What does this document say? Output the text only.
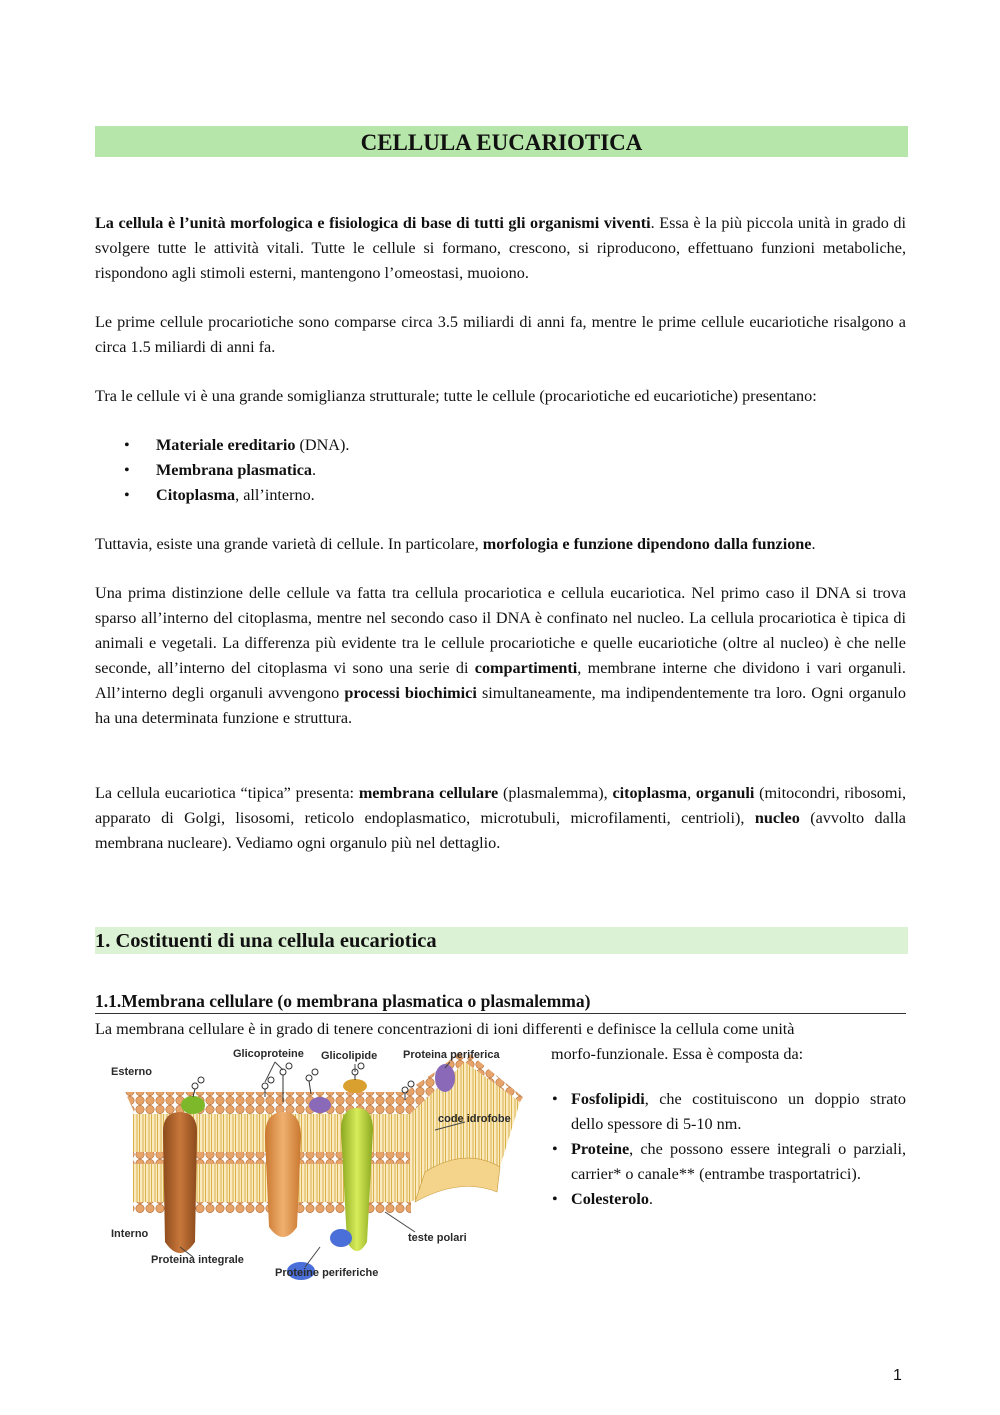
CELLULA EUCARIOTICA

La cellula è l’unità morfologica e fisiologica di base di tutti gli organismi viventi. Essa è la più piccola unità in grado di svolgere tutte le attività vitali. Tutte le cellule si formano, crescono, si riproducono, effettuano funzioni metaboliche, rispondono agli stimoli esterni, mantengono l’omeostasi, muoiono.

Le prime cellule procariotiche sono comparse circa 3.5 miliardi di anni fa, mentre le prime cellule eucariotiche risalgono a circa 1.5 miliardi di anni fa.

Tra le cellule vi è una grande somiglianza strutturale; tutte le cellule (procariotiche ed eucariotiche) presentano:

• Materiale ereditario (DNA).
• Membrana plasmatica.
• Citoplasma, all’interno.

Tuttavia, esiste una grande varietà di cellule. In particolare, morfologia e funzione dipendono dalla funzione.

Una prima distinzione delle cellule va fatta tra cellula procariotica e cellula eucariotica. Nel primo caso il DNA si trova sparso all’interno del citoplasma, mentre nel secondo caso il DNA è confinato nel nucleo. La cellula procariotica è tipica di animali e vegetali. La differenza più evidente tra le cellule procariotiche e quelle eucariotiche (oltre al nucleo) è che nelle seconde, all’interno del citoplasma vi sono una serie di compartimenti, membrane interne che dividono i vari organuli. All’interno degli organuli avvengono processi biochimici simultaneamente, ma indipendentemente tra loro. Ogni organulo ha una determinata funzione e struttura.

La cellula eucariotica “tipica” presenta: membrana cellulare (plasmalemma), citoplasma, organuli (mitocondri, ribosomi, apparato di Golgi, lisosomi, reticolo endoplasmatico, microtubuli, microfilamenti, centrioli), nucleo (avvolto dalla membrana nucleare). Vediamo ogni organulo più nel dettaglio.

1. Costituenti di una cellula eucariotica
1.1.Membrana cellulare (o membrana plasmatica o plasmalemma)

La membrana cellulare è in grado di tenere concentrazioni di ioni differenti e definisce la cellula come unità

Glicoproteine Glicolipide Proteina periferica
Esterno
code idrofobe
Interno	teste polari
Proteina integrale
Proteine periferiche

morfo-funzionale. Essa è composta da:

• Fosfolipidi, che costituiscono un doppio strato dello spessore di 5-10 nm.
• Proteine, che possono essere integrali o parziali, carrier* o canale** (entrambe trasportatrici).
• Colesterolo.
1
